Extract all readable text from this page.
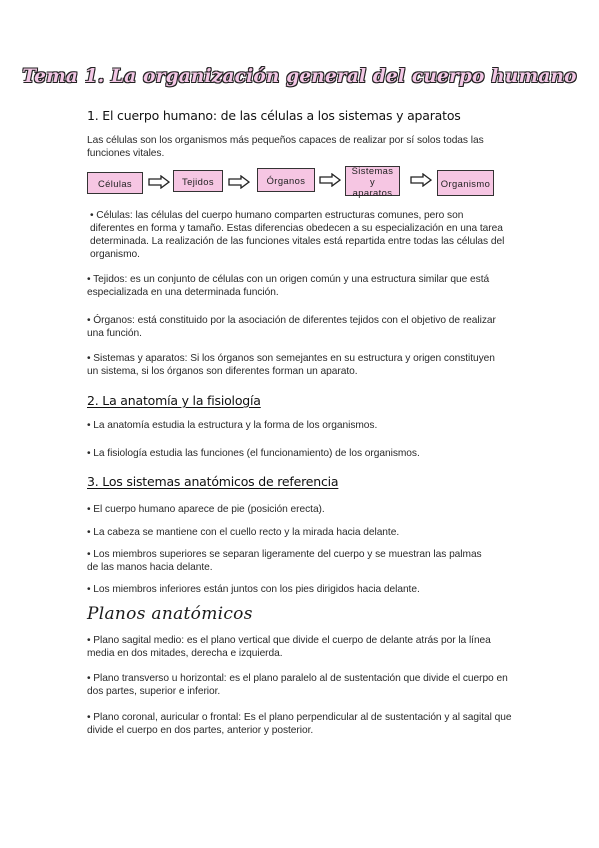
Tema 1. La organización general del cuerpo humano
1. El cuerpo humano: de las células a los sistemas y aparatos
Las células son los organismos más pequeños capaces de realizar por sí solos todas las funciones vitales.
Células	Tejidos	Órganos
Sistemas y aparatos
Organismo
• Células: las células del cuerpo humano comparten estructuras comunes, pero son diferentes en forma y tamaño. Estas diferencias obedecen a su especialización en una tarea determinada. La realización de las funciones vitales está repartida entre todas las células del organismo.
• Tejidos: es un conjunto de células con un origen común y una estructura similar que está especializada en una determinada función.
• Órganos: está constituido por la asociación de diferentes tejidos con el objetivo de realizar una función.
• Sistemas y aparatos: Si los órganos son semejantes en su estructura y origen constituyen un sistema, si los órganos son diferentes forman un aparato.
2. La anatomía y la fisiología
• La anatomía estudia la estructura y la forma de los organismos.
• La fisiología estudia las funciones (el funcionamiento) de los organismos.
3. Los sistemas anatómicos de referencia
• El cuerpo humano aparece de pie (posición erecta).
• La cabeza se mantiene con el cuello recto y la mirada hacia delante.
• Los miembros superiores se separan ligeramente del cuerpo y se muestran las palmas de las manos hacia delante.
• Los miembros inferiores están juntos con los pies dirigidos hacia delante.
Planos anatómicos
• Plano sagital medio: es el plano vertical que divide el cuerpo de delante atrás por la línea media en dos mitades, derecha e izquierda.
• Plano transverso u horizontal: es el plano paralelo al de sustentación que divide el cuerpo en dos partes, superior e inferior.
• Plano coronal, auricular o frontal: Es el plano perpendicular al de sustentación y al sagital que divide el cuerpo en dos partes, anterior y posterior.
